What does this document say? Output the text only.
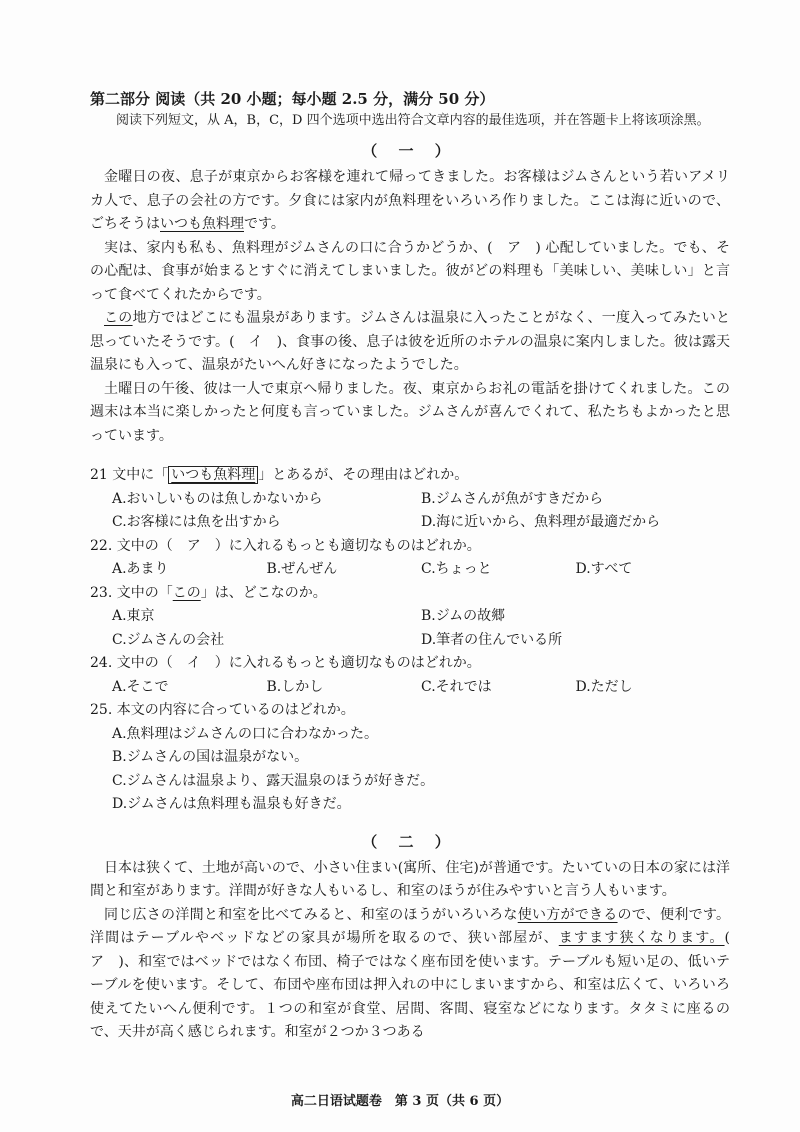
第二部分 阅读（共 20 小题；每小题 2.5 分，满分 50 分）

阅读下列短文，从 A，B，C，D 四个选项中选出符合文章内容的最佳选项，并在答题卡上将该项涂黑。

（ 一 ）

金曜日の夜、息子が東京からお客様を連れて帰ってきました。お客様はジムさんという若いアメリカ人で、息子の会社の方です。夕食には家内が魚料理をいろいろ作りました。ここは海に近いので、ごちそうはいつも魚料理です。

実は、家内も私も、魚料理がジムさんの口に合うかどうか、(　ア　) 心配していました。でも、その心配は、食事が始まるとすぐに消えてしまいました。彼がどの料理も「美味しい、美味しい」と言って食べてくれたからです。

この地方ではどこにも温泉があります。ジムさんは温泉に入ったことがなく、一度入ってみたいと思っていたそうです。(　イ　)、食事の後、息子は彼を近所のホテルの温泉に案内しました。彼は露天温泉にも入って、温泉がたいへん好きになったようでした。

土曜日の午後、彼は一人で東京へ帰りました。夜、東京からお礼の電話を掛けてくれました。この週末は本当に楽しかったと何度も言っていました。ジムさんが喜んでくれて、私たちもよかったと思っています。

21 文中に「 いつも魚料理 」とあるが、その理由はどれか。

A.おいしいものは魚しかないから	B.ジムさんが魚がすきだから
C.お客様には魚を出すから	D.海に近いから、魚料理が最適だから

22. 文中の（　ア　）に入れるもっとも適切なものはどれか。

A.あまり	B.ぜんぜん	C.ちょっと	D.すべて

23. 文中の「この」は、どこなのか。

A.東京	B.ジムの故郷
C.ジムさんの会社	D.筆者の住んでいる所

24. 文中の（　イ　）に入れるもっとも適切なものはどれか。

A.そこで	B.しかし	C.それでは	D.ただし

25. 本文の内容に合っているのはどれか。

A.魚料理はジムさんの口に合わなかった。
B.ジムさんの国は温泉がない。
C.ジムさんは温泉より、露天温泉のほうが好きだ。
D.ジムさんは魚料理も温泉も好きだ。
（ 二 ）

日本は狭くて、土地が高いので、小さい住まい(寓所、住宅)が普通です。たいていの日本の家には洋間と和室があります。洋間が好きな人もいるし、和室のほうが住みやすいと言う人もいます。

同じ広さの洋間と和室を比べてみると、和室のほうがいろいろな使い方ができるので、便利です。洋間はテーブルやベッドなどの家具が場所を取るので、狭い部屋が、ますます狭くなります。(　ア　)、和室ではベッドではなく布団、椅子ではなく座布団を使います。テーブルも短い足の、低いテーブルを使います。そして、布団や座布団は押入れの中にしまいますから、和室は広くて、いろいろ使えてたいへん便利です。１つの和室が食堂、居間、客間、寝室などになります。タタミに座るので、天井が高く感じられます。和室が２つか３つある

高二日语试题卷　第 3 页（共 6 页）
